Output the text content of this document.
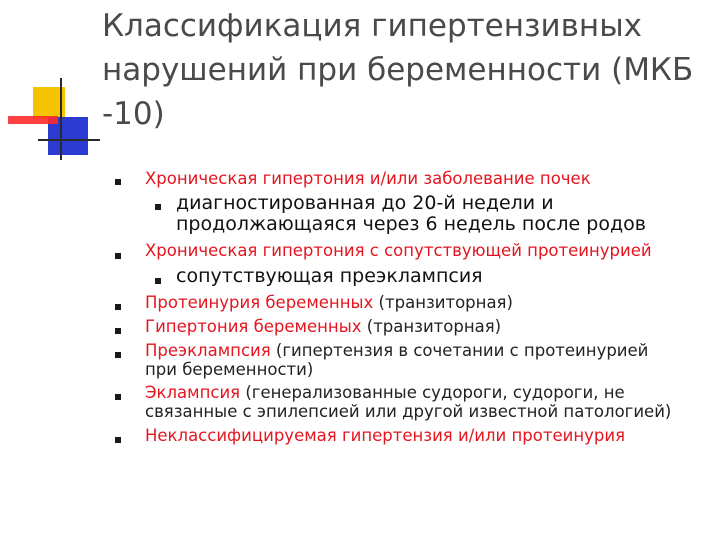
Классификация гипертензивных
нарушений при беременности (МКБ
-10)
Хроническая гипертония и/или заболевание почек
диагностированная до 20-й недели и
продолжающаяся через 6 недель после родов
Хроническая гипертония с сопутствующей протеинурией
сопутствующая преэклампсия
Протеинурия беременных (транзиторная)
Гипертония беременных (транзиторная)
Преэклампсия (гипертензия в сочетании с протеинурией
при беременности)
Эклампсия (генерализованные судороги, судороги, не
связанные с эпилепсией или другой известной патологией)
Неклассифицируемая гипертензия и/или протеинурия
